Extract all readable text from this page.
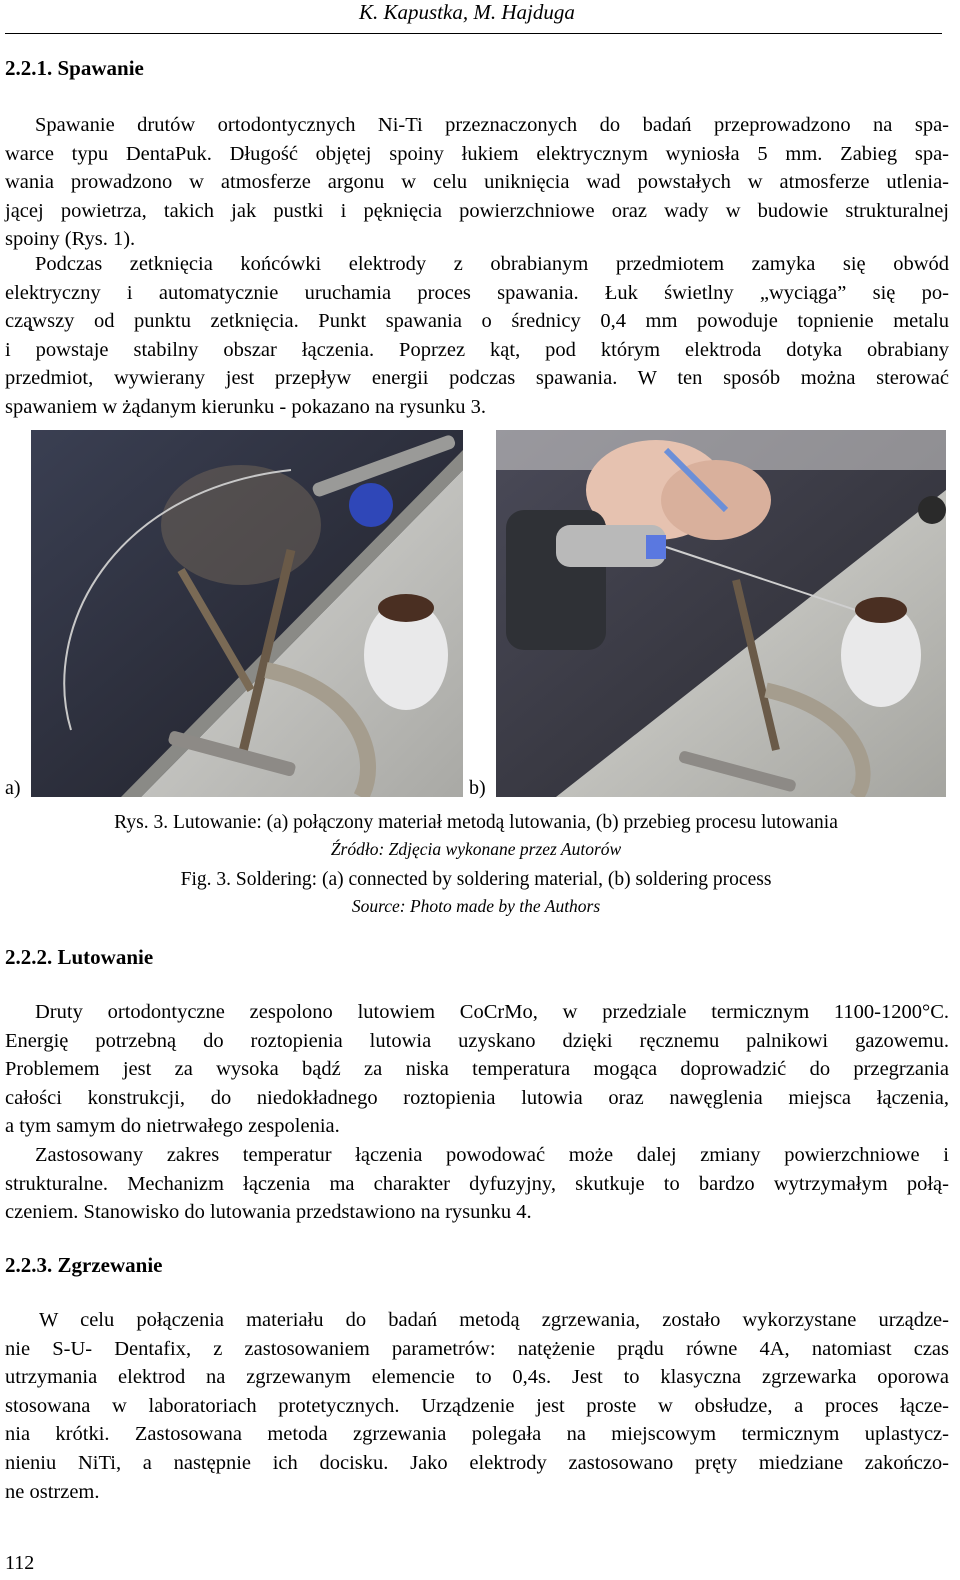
K. Kapustka, M. Hajduga
2.2.1. Spawanie
Spawanie drutów ortodontycznych Ni-Ti przeznaczonych do badań przeprowadzono na spa-
warce typu DentaPuk. Długość objętej spoiny łukiem elektrycznym wyniosła 5 mm. Zabieg spa-
wania prowadzono w atmosferze argonu w celu uniknięcia wad powstałych w atmosferze utlenia-
jącej powietrza, takich jak pustki i pęknięcia powierzchniowe oraz wady w budowie strukturalnej
spoiny (Rys. 1).
Podczas zetknięcia końcówki elektrody z obrabianym przedmiotem zamyka się obwód
elektryczny i automatycznie uruchamia proces spawania. Łuk świetlny „wyciąga” się po-
czą̨wszy od punktu zetknięcia. Punkt spawania o średnicy 0,4 mm powoduje topnienie metalu
i powstaje stabilny obszar łączenia. Poprzez kąt, pod którym elektroda dotyka obrabiany
przedmiot, wywierany jest przepływ energii podczas spawania. W ten sposób można sterować
spawaniem w żądanym kierunku - pokazano na rysunku 3.
a)	b)
Rys. 3. Lutowanie: (a) połączony materiał metodą lutowania, (b) przebieg procesu lutowania
Źródło: Zdjęcia wykonane przez Autorów
Fig. 3. Soldering: (a) connected by soldering material, (b) soldering process
Source: Photo made by the Authors
2.2.2. Lutowanie
Druty ortodontyczne zespolono lutowiem CoCrMo, w przedziale termicznym 1100-1200°C.
Energię potrzebną do roztopienia lutowia uzyskano dzięki ręcznemu palnikowi gazowemu.
Problemem jest za wysoka bądź za niska temperatura mogąca doprowadzić do przegrzania
całości konstrukcji, do niedokładnego roztopienia lutowia oraz nawęglenia miejsca łączenia,
a tym samym do nietrwałego zespolenia.
Zastosowany zakres temperatur łączenia powodować może dalej zmiany powierzchniowe i
strukturalne. Mechanizm łączenia ma charakter dyfuzyjny, skutkuje to bardzo wytrzymałym połą-
czeniem. Stanowisko do lutowania przedstawiono na rysunku 4.
2.2.3. Zgrzewanie
W celu połączenia materiału do badań metodą zgrzewania, zostało wykorzystane urządze-
nie S-U- Dentafix, z zastosowaniem parametrów: natężenie prądu równe 4A, natomiast czas
utrzymania elektrod na zgrzewanym elemencie to 0,4s. Jest to klasyczna zgrzewarka oporowa
stosowana w laboratoriach protetycznych. Urządzenie jest proste w obsłudze, a proces łącze-
nia krótki. Zastosowana metoda zgrzewania polegała na miejscowym termicznym uplastycz-
nieniu NiTi, a następnie ich docisku. Jako elektrody zastosowano pręty miedziane zakończo-
ne ostrzem.
112
